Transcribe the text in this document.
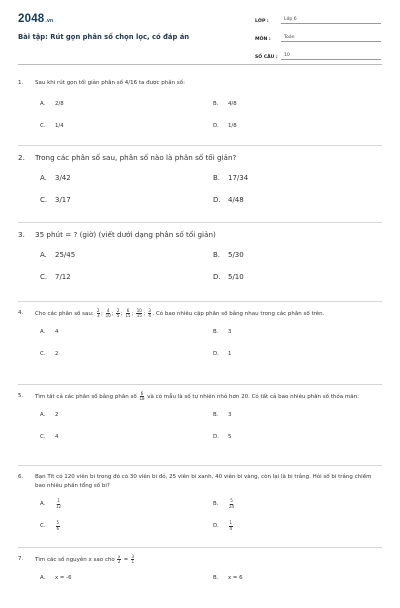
2048.vn
Bài tập: Rút gọn phân số chọn lọc, có đáp án
LỚP :	Lớp 6
MÔN :	Toán
SỐ CÂU :	10
1.	Sau khi rút gọn tối giản phân số 4/16 ta được phân số:
A.	2/8	B.	4/8
C.	1/4	D.	1/8
2.	Trong các phân số sau, phân số nào là phân số tối giản?
A.	3/42	B.	17/34
C.	3/17	D.	4/48
3.	35 phút = ? (giờ) (viết dưới dạng phân số tối giản)
A.	25/45	B.	5/30
C.	7/12	D.	5/10
4.	Cho các phân số sau: $\frac{2}{3}$ ; $\frac{4}{10}$ ; $\frac{2}{5}$ ; $\frac{6}{15}$ ; $\frac{10}{15}$ ; $\frac{3}{4}$ . Có bao nhiêu cặp phân số bằng nhau trong các phân số trên.
A.	4	B.	3
C.	2	D.	1
5.	Tìm tất cả các phân số bằng phân số $\frac{6}{18}$ và có mẫu là số tự nhiên nhỏ hơn 20. Có tất cả bao nhiêu phân số thỏa mãn:
A.	2	B.	3
C.	4	D.	5
6.	Bạn Tít có 120 viên bi trong đó có 30 viên bi đỏ, 25 viên bi xanh, 40 viên bi vàng, còn lại là bi trắng. Hỏi số bi trắng chiếm bao nhiêu phần tổng số bi?
A.	$\frac{1}{12}$	B.	$\frac{5}{24}$
C.	$\frac{5}{6}$	D.	$\frac{1}{4}$
7.	Tìm các số nguyên x sao cho $\frac{x}{2} = \frac{3}{1}$
A.	x = -6	B.	x = 6
